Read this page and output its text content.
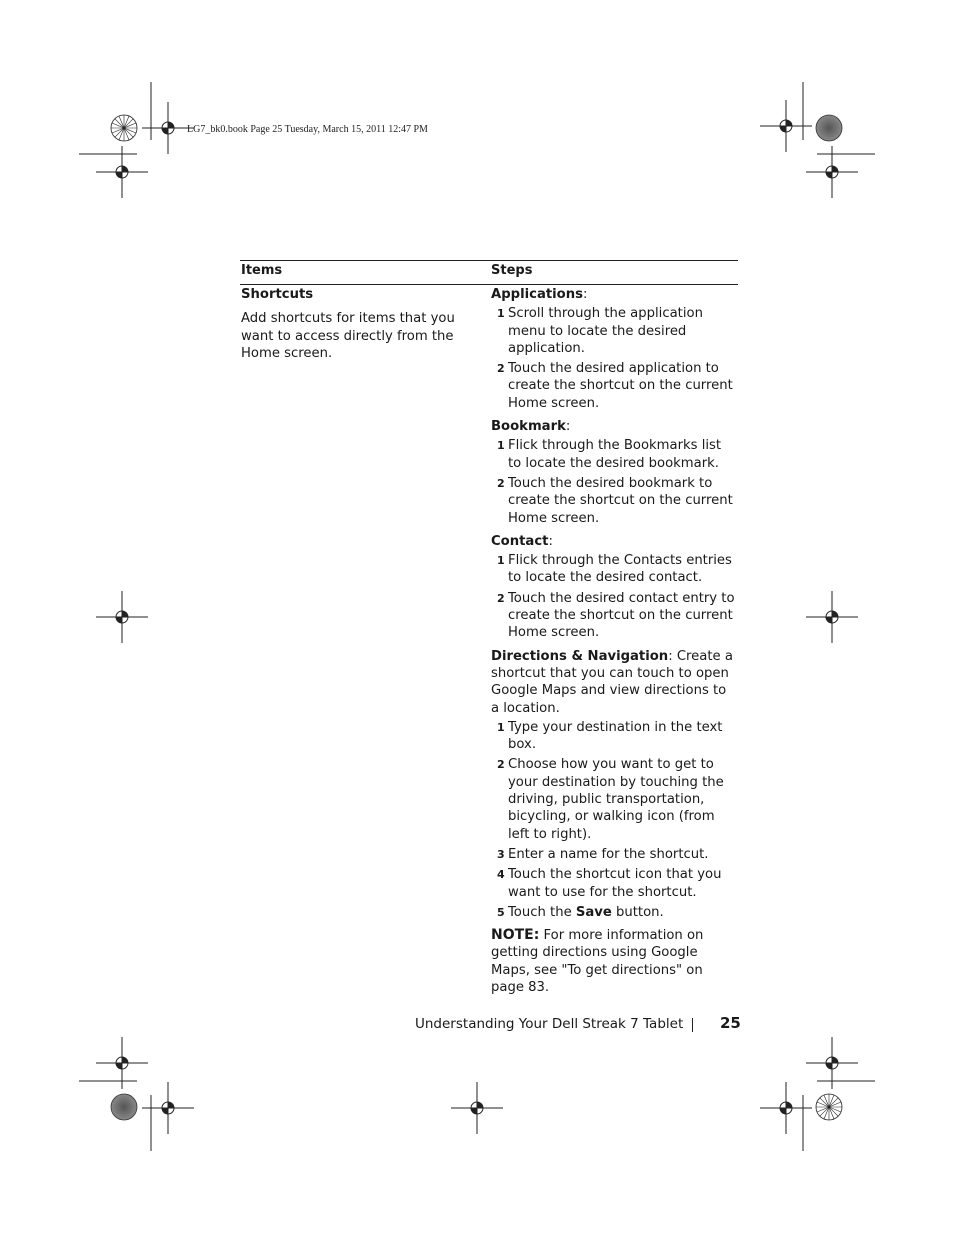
LG7_bk0.book Page 25 Tuesday, March 15, 2011 12:47 PM
Items	Steps
Shortcuts
Add shortcuts for items that you want to access directly from the Home screen.

Applications:

1 Scroll through the application menu to locate the desired application.
2 Touch the desired application to create the shortcut on the current Home screen.

Bookmark:

1 Flick through the Bookmarks list to locate the desired bookmark.
2 Touch the desired bookmark to create the shortcut on the current Home screen.

Contact:

1 Flick through the Contacts entries to locate the desired contact.
2 Touch the desired contact entry to create the shortcut on the current Home screen.

Directions & Navigation: Create a shortcut that you can touch to open Google Maps and view directions to a location.

1 Type your destination in the text box.
2 Choose how you want to get to your destination by touching the driving, public transportation, bicycling, or walking icon (from left to right).
3 Enter a name for the shortcut.
4 Touch the shortcut icon that you want to use for the shortcut.
5 Touch the Save button.

NOTE: For more information on getting directions using Google Maps, see "To get directions" on page 83.

Understanding Your Dell Streak 7 Tablet 25
